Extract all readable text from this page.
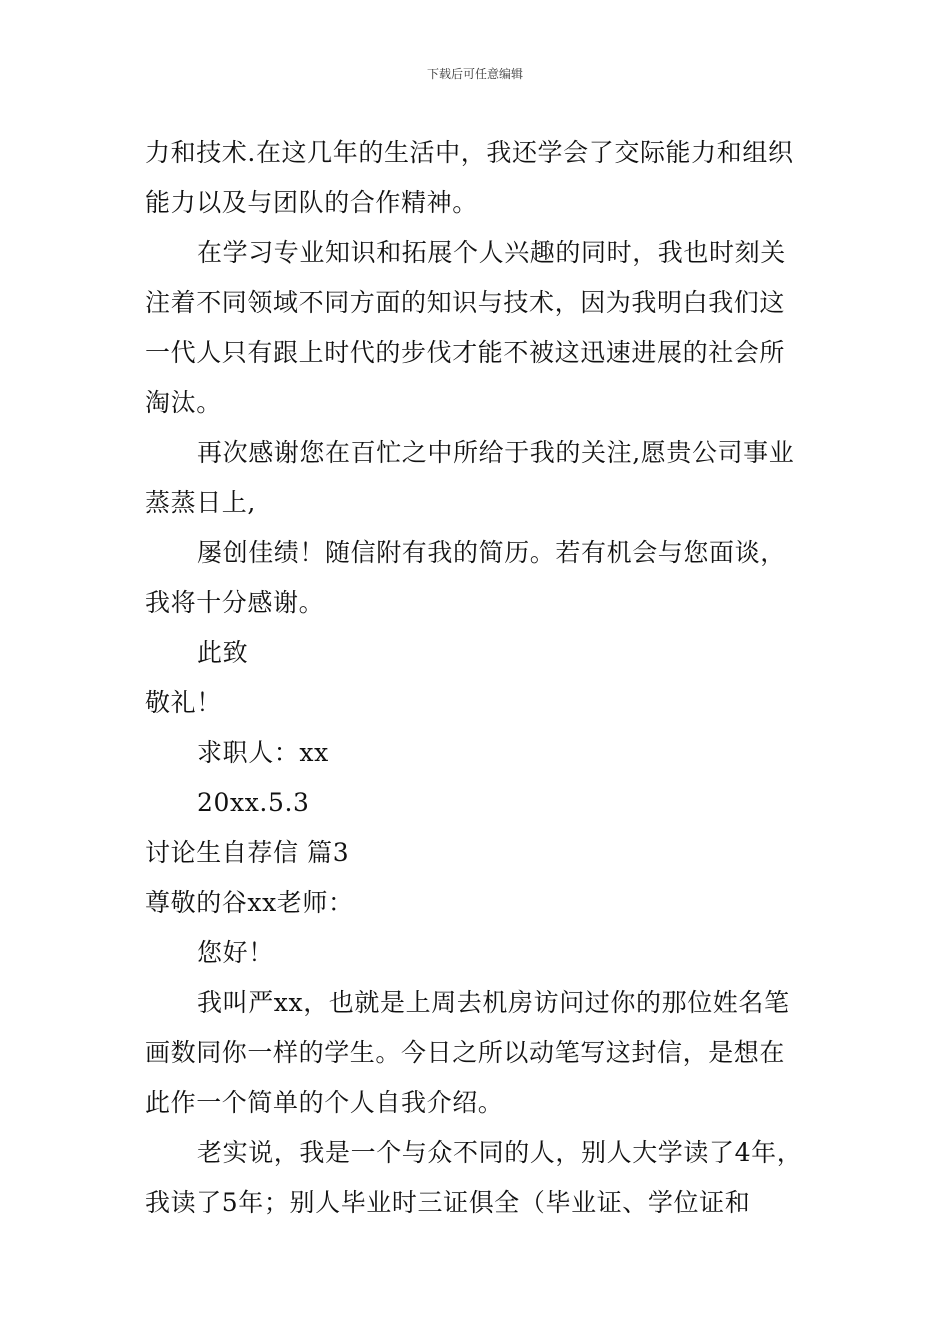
下载后可任意编辑
力和技术.在这几年的生活中，我还学会了交际能力和组织
能力以及与团队的合作精神。
在学习专业知识和拓展个人兴趣的同时，我也时刻关
注着不同领域不同方面的知识与技术，因为我明白我们这
一代人只有跟上时代的步伐才能不被这迅速进展的社会所
淘汰。
再次感谢您在百忙之中所给于我的关注,愿贵公司事业
蒸蒸日上,
屡创佳绩！随信附有我的简历。若有机会与您面谈，
我将十分感谢。
此致
敬礼！
求职人：xx
20xx.5.3
讨论生自荐信 篇3
尊敬的谷xx老师：
您好！
我叫严xx，也就是上周去机房访问过你的那位姓名笔
画数同你一样的学生。今日之所以动笔写这封信，是想在
此作一个简单的个人自我介绍。
老实说，我是一个与众不同的人，别人大学读了4年，
我读了5年；别人毕业时三证俱全（毕业证、学位证和
